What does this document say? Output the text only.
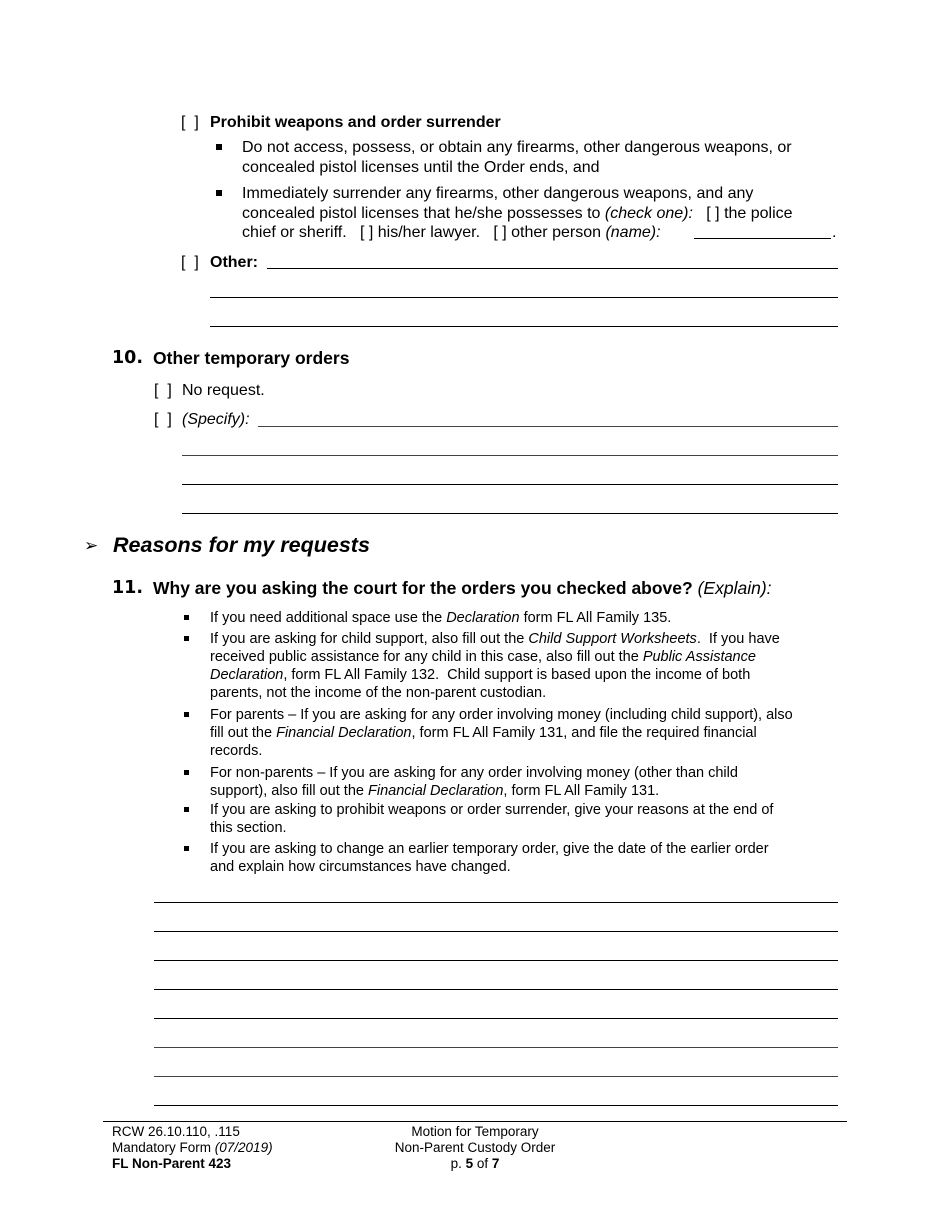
[  ] Prohibit weapons and order surrender
Do not access, possess, or obtain any firearms, other dangerous weapons, or
concealed pistol licenses until the Order ends, and
Immediately surrender any firearms, other dangerous weapons, and any
concealed pistol licenses that he/she possesses to (check one): [ ] the police
chief or sheriff. [ ] his/her lawyer. [ ] other person (name):	.
[  ] Other:
10. Other temporary orders
[  ] No request.
[  ] (Specify):
➢ Reasons for my requests
11. Why are you asking the court for the orders you checked above? (Explain):
If you need additional space use the Declaration form FL All Family 135.
If you are asking for child support, also fill out the Child Support Worksheets.  If you have
received public assistance for any child in this case, also fill out the Public Assistance
Declaration, form FL All Family 132.  Child support is based upon the income of both
parents, not the income of the non-parent custodian.
For parents – If you are asking for any order involving money (including child support), also
fill out the Financial Declaration, form FL All Family 131, and file the required financial
records.
For non-parents – If you are asking for any order involving money (other than child
support), also fill out the Financial Declaration, form FL All Family 131.
If you are asking to prohibit weapons or order surrender, give your reasons at the end of
this section.
If you are asking to change an earlier temporary order, give the date of the earlier order
and explain how circumstances have changed.
RCW 26.10.110, .115
Mandatory Form (07/2019)
FL Non-Parent 423
Motion for Temporary
Non-Parent Custody Order
p. 5 of 7
